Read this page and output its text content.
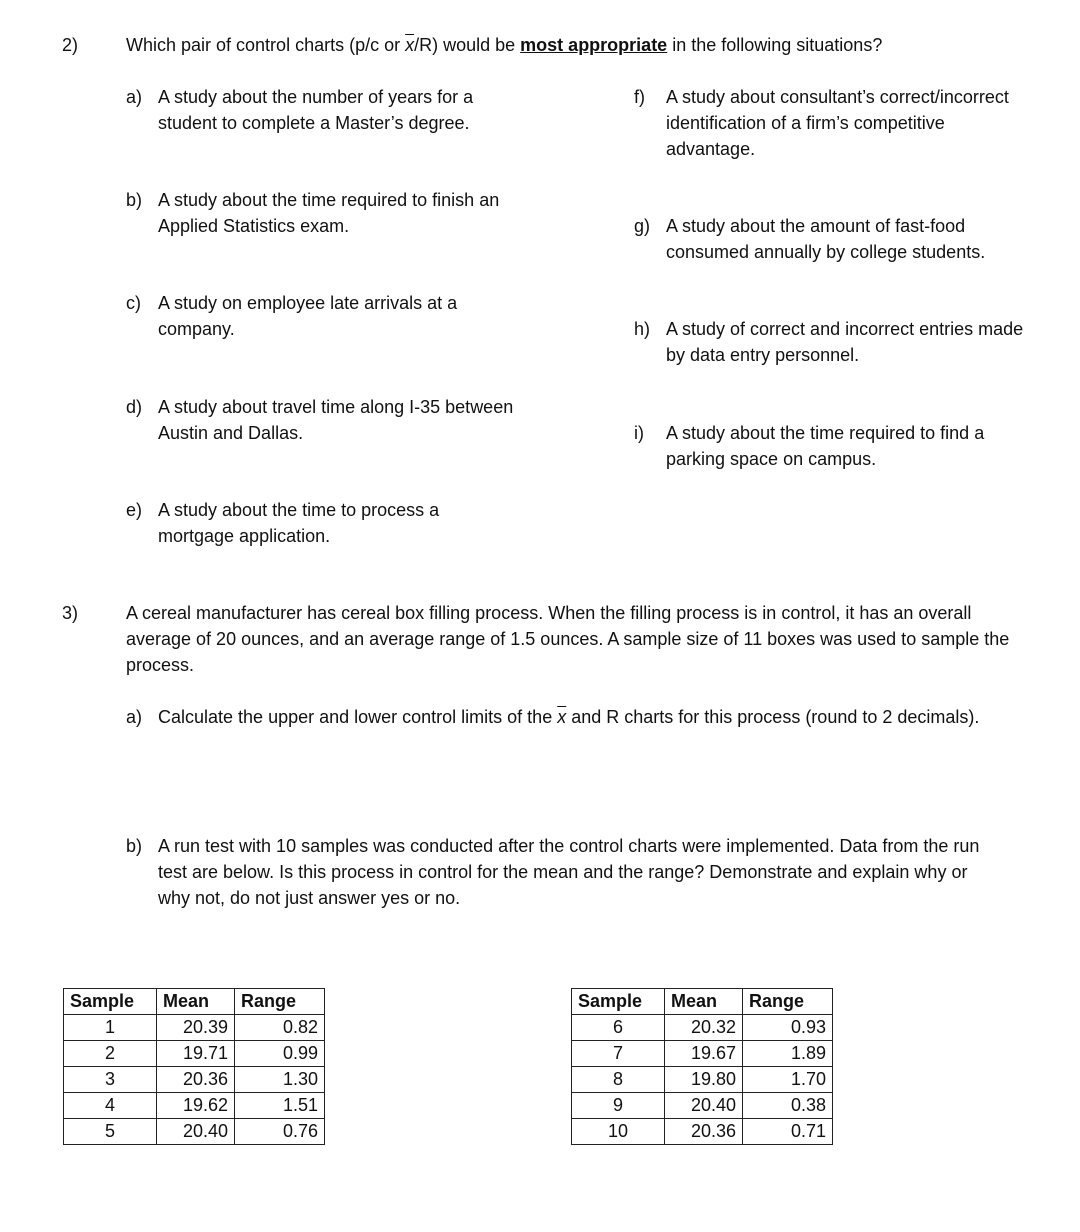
2)	Which pair of control charts (p/c or $\overline{x}/R$) would be most appropriate in the following situations?
a) A study about the number of years for a student to complete a Master’s degree.
b) A study about the time required to finish an Applied Statistics exam.
c) A study on employee late arrivals at a company.
d) A study about travel time along I-35 between Austin and Dallas.
e) A study about the time to process a mortgage application.
f)	A study about consultant’s correct/incorrect identification of a firm’s competitive advantage.
g) A study about the amount of fast-food consumed annually by college students.
h) A study of correct and incorrect entries made by data entry personnel.
i)	A study about the time required to find a parking space on campus.
3)	A cereal manufacturer has cereal box filling process. When the filling process is in control, it has an overall average of 20 ounces, and an average range of 1.5 ounces. A sample size of 11 boxes was used to sample the process.
a) Calculate the upper and lower control limits of the $\overline{x}$ and R charts for this process (round to 2 decimals).
b) A run test with 10 samples was conducted after the control charts were implemented. Data from the run test are below. Is this process in control for the mean and the range? Demonstrate and explain why or why not, do not just answer yes or no.
Sample	Mean	Range
1	20.39	0.82
2	19.71	0.99
3	20.36	1.30
4	19.62	1.51
5	20.40	0.76
Sample	Mean	Range
6	20.32	0.93
7	19.67	1.89
8	19.80	1.70
9	20.40	0.38
10	20.36	0.71
